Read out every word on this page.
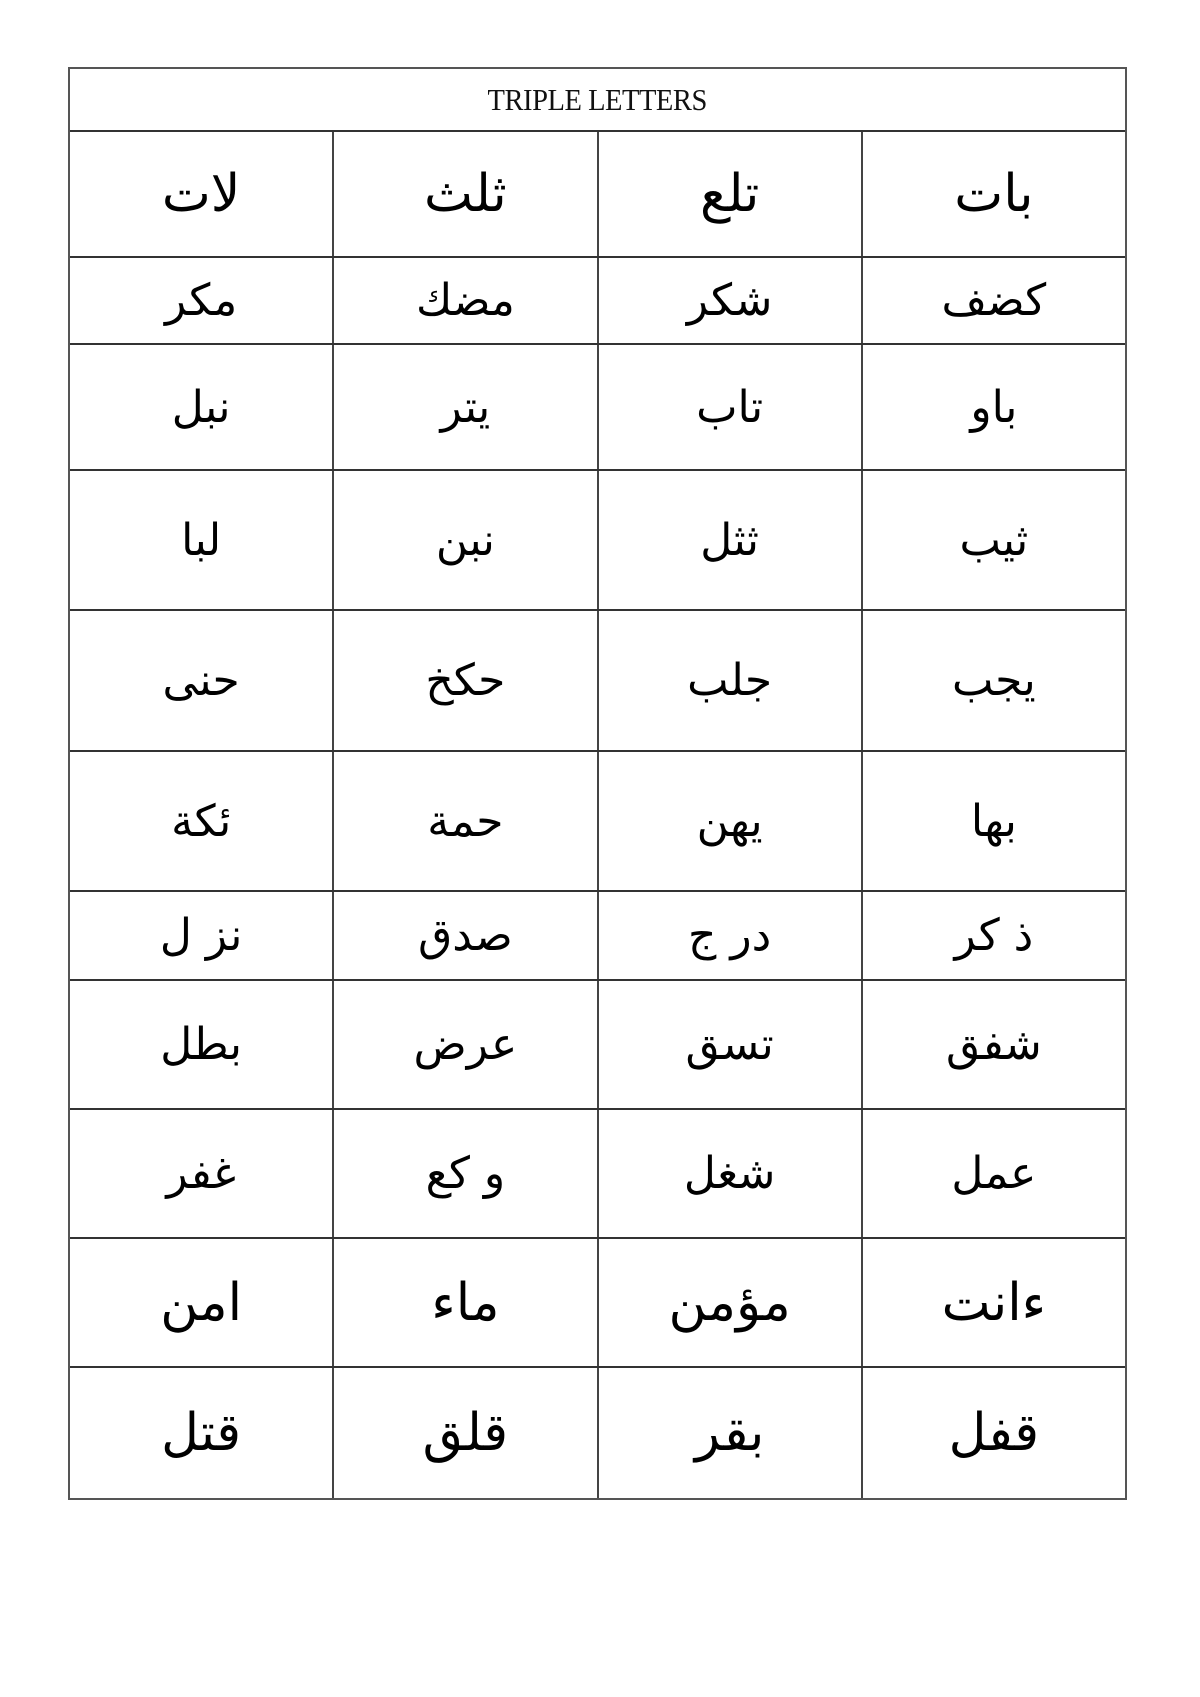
TRIPLE LETTERS
بات
تلع
ثلث
لات
كضف
شكر
مضك
مكر
باو
تاب
يتر
نبل
ثيب
ثثل
نبن
لبا
يجب
جلب
حكخ
حنى
بها
يهن
حمة
ئكة
ذ كر
در ج
صدق
نز ل
شفق
تسق
عرض
بطل
عمل
شغل
و كع
غفر
ءانت
مؤمن
ماء
امن
قفل
بقر
قلق
قتل
